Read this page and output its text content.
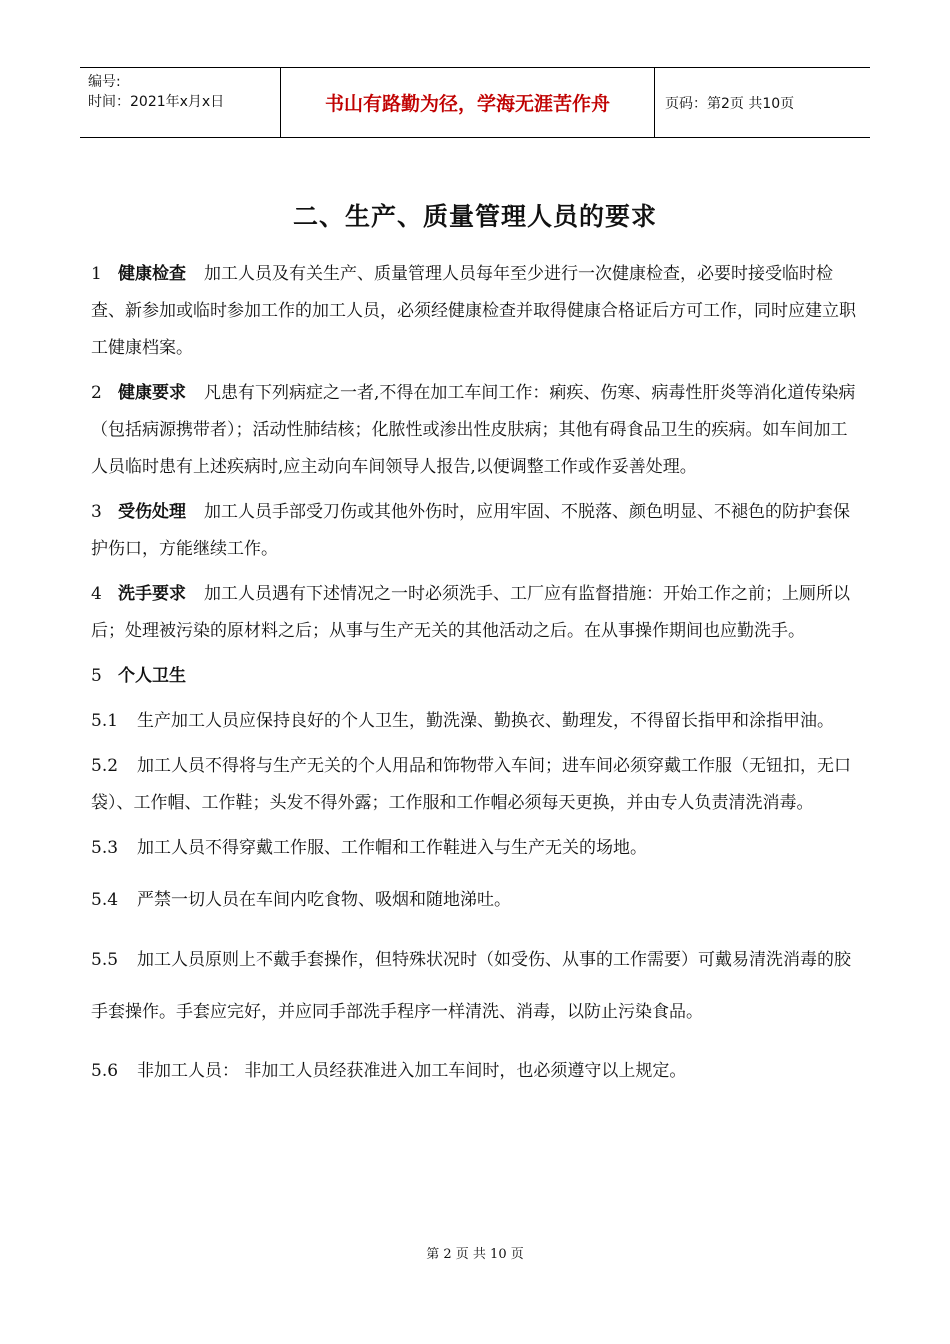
编号:
时间：2021年x月x日	书山有路勤为径，学海无涯苦作舟	页码：第2页 共10页
二、生产、质量管理人员的要求

1 健康检查 加工人员及有关生产、质量管理人员每年至少进行一次健康检查，必要时接受临时检查、新参加或临时参加工作的加工人员，必须经健康检查并取得健康合格证后方可工作，同时应建立职工健康档案。

2 健康要求 凡患有下列病症之一者,不得在加工车间工作：痢疾、伤寒、病毒性肝炎等消化道传染病（包括病源携带者）；活动性肺结核；化脓性或渗出性皮肤病；其他有碍食品卫生的疾病。如车间加工人员临时患有上述疾病时,应主动向车间领导人报告,以便调整工作或作妥善处理。

3 受伤处理 加工人员手部受刀伤或其他外伤时，应用牢固、不脱落、颜色明显、不褪色的防护套保护伤口，方能继续工作。

4 洗手要求 加工人员遇有下述情况之一时必须洗手、工厂应有监督措施：开始工作之前；上厕所以后；处理被污染的原材料之后；从事与生产无关的其他活动之后。在从事操作期间也应勤洗手。

5 个人卫生

5.1 生产加工人员应保持良好的个人卫生，勤洗澡、勤换衣、勤理发，不得留长指甲和涂指甲油。

5.2 加工人员不得将与生产无关的个人用品和饰物带入车间；进车间必须穿戴工作服（无钮扣，无口袋）、工作帽、工作鞋；头发不得外露；工作服和工作帽必须每天更换，并由专人负责清洗消毒。

5.3 加工人员不得穿戴工作服、工作帽和工作鞋进入与生产无关的场地。

5.4 严禁一切人员在车间内吃食物、吸烟和随地涕吐。

5.5 加工人员原则上不戴手套操作，但特殊状况时（如受伤、从事的工作需要）可戴易清洗消毒的胶手套操作。手套应完好，并应同手部洗手程序一样清洗、消毒，以防止污染食品。

5.6 非加工人员： 非加工人员经获准进入加工车间时，也必须遵守以上规定。

第 2 页 共 10 页
